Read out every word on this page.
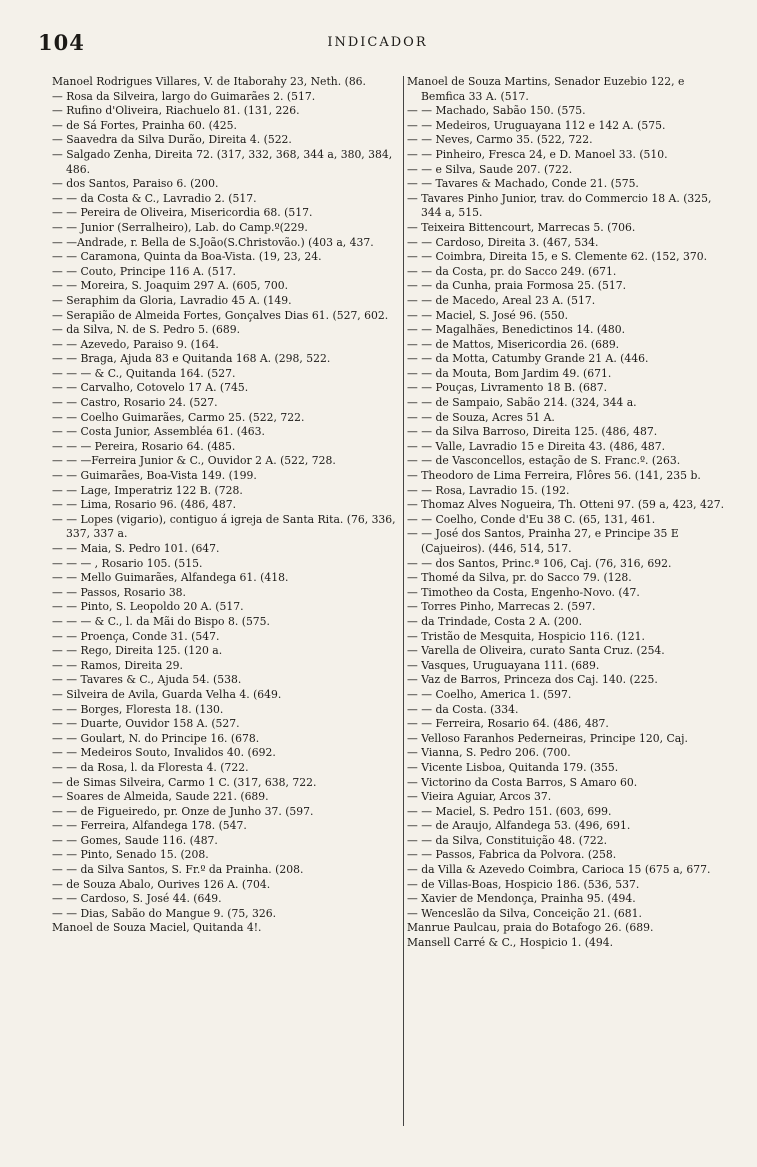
104	INDICADOR
Manoel Rodrigues Villares, V. de Itaborahy 23, Neth. (86.
— Rosa da Silveira, largo do Guimarães 2. (517.
— Rufino d'Oliveira, Riachuelo 81. (131, 226.
— de Sá Fortes, Prainha 60. (425.
— Saavedra da Silva Durão, Direita 4. (522.
— Salgado Zenha, Direita 72. (317, 332, 368, 344 a, 380, 384, 486.
— dos Santos, Paraiso 6. (200.
— — da Costa & C., Lavradio 2. (517.
— — Pereira de Oliveira, Misericordia 68. (517.
— — Junior (Serralheiro), Lab. do Camp.º(229.
— —Andrade, r. Bella de S.João(S.Christovão.) (403 a, 437.
— — Caramona, Quinta da Boa-Vista. (19, 23, 24.
— — Couto, Principe 116 A. (517.
— — Moreira, S. Joaquim 297 A. (605, 700.
— Seraphim da Gloria, Lavradio 45 A. (149.
— Serapião de Almeida Fortes, Gonçalves Dias 61. (527, 602.
— da Silva, N. de S. Pedro 5. (689.
— — Azevedo, Paraiso 9. (164.
— — Braga, Ajuda 83 e Quitanda 168 A. (298, 522.
— — — & C., Quitanda 164. (527.
— — Carvalho, Cotovelo 17 A. (745.
— — Castro, Rosario 24. (527.
— — Coelho Guimarães, Carmo 25. (522, 722.
— — Costa Junior, Assembléa 61. (463.
— — — Pereira, Rosario 64. (485.
— — —Ferreira Junior & C., Ouvidor 2 A. (522, 728.
— — Guimarães, Boa-Vista 149. (199.
— — Lage, Imperatriz 122 B. (728.
— — Lima, Rosario 96. (486, 487.
— — Lopes (vigario), contiguo á igreja de Santa Rita. (76, 336, 337, 337 a.
— — Maia, S. Pedro 101. (647.
— — — , Rosario 105. (515.
— — Mello Guimarães, Alfandega 61. (418.
— — Passos, Rosario 38.
— — Pinto, S. Leopoldo 20 A. (517.
— — — & C., l. da Mãi do Bispo 8. (575.
— — Proença, Conde 31. (547.
— — Rego, Direita 125. (120 a.
— — Ramos, Direita 29.
— — Tavares & C., Ajuda 54. (538.
— Silveira de Avila, Guarda Velha 4. (649.
— — Borges, Floresta 18. (130.
— — Duarte, Ouvidor 158 A. (527.
— — Goulart, N. do Principe 16. (678.
— — Medeiros Souto, Invalidos 40. (692.
— — da Rosa, l. da Floresta 4. (722.
— de Simas Silveira, Carmo 1 C. (317, 638, 722.
— Soares de Almeida, Saude 221. (689.
— — de Figueiredo, pr. Onze de Junho 37. (597.
— — Ferreira, Alfandega 178. (547.
— — Gomes, Saude 116. (487.
— — Pinto, Senado 15. (208.
— — da Silva Santos, S. Fr.º da Prainha. (208.
— de Souza Abalo, Ourives 126 A. (704.
— — Cardoso, S. José 44. (649.
— — Dias, Sabão do Mangue 9. (75, 326.
Manoel de Souza Maciel, Quitanda 4!.
Manoel de Souza Martins, Senador Euzebio 122, e Bemfica 33 A. (517.
— — Machado, Sabão 150. (575.
— — Medeiros, Uruguayana 112 e 142 A. (575.
— — Neves, Carmo 35. (522, 722.
— — Pinheiro, Fresca 24, e D. Manoel 33. (510.
— — e Silva, Saude 207. (722.
— — Tavares & Machado, Conde 21. (575.
— Tavares Pinho Junior, trav. do Commercio 18 A. (325, 344 a, 515.
— Teixeira Bittencourt, Marrecas 5. (706.
— — Cardoso, Direita 3. (467, 534.
— — Coimbra, Direita 15, e S. Clemente 62. (152, 370.
— — da Costa, pr. do Sacco 249. (671.
— — da Cunha, praia Formosa 25. (517.
— — de Macedo, Areal 23 A. (517.
— — Maciel, S. José 96. (550.
— — Magalhães, Benedictinos 14. (480.
— — de Mattos, Misericordia 26. (689.
— — da Motta, Catumby Grande 21 A. (446.
— — da Mouta, Bom Jardim 49. (671.
— — Pouças, Livramento 18 B. (687.
— — de Sampaio, Sabão 214. (324, 344 a.
— — de Souza, Acres 51 A.
— — da Silva Barroso, Direita 125. (486, 487.
— — Valle, Lavradio 15 e Direita 43. (486, 487.
— — de Vasconcellos, estação de S. Franc.º. (263.
— Theodoro de Lima Ferreira, Flôres 56. (141, 235 b.
— — Rosa, Lavradio 15. (192.
— Thomaz Alves Nogueira, Th. Otteni 97. (59 a, 423, 427.
— — Coelho, Conde d'Eu 38 C. (65, 131, 461.
— — José dos Santos, Prainha 27, e Principe 35 E (Cajueiros). (446, 514, 517.
— — dos Santos, Princ.ª 106, Caj. (76, 316, 692.
— Thomé da Silva, pr. do Sacco 79. (128.
— Timotheo da Costa, Engenho-Novo. (47.
— Torres Pinho, Marrecas 2. (597.
— da Trindade, Costa 2 A. (200.
— Tristão de Mesquita, Hospicio 116. (121.
— Varella de Oliveira, curato Santa Cruz. (254.
— Vasques, Uruguayana 111. (689.
— Vaz de Barros, Princeza dos Caj. 140. (225.
— — Coelho, America 1. (597.
— — da Costa. (334.
— — Ferreira, Rosario 64. (486, 487.
— Velloso Faranhos Pederneiras, Principe 120, Caj.
— Vianna, S. Pedro 206. (700.
— Vicente Lisboa, Quitanda 179. (355.
— Victorino da Costa Barros, S Amaro 60.
— Vieira Aguiar, Arcos 37.
— — Maciel, S. Pedro 151. (603, 699.
— — de Araujo, Alfandega 53. (496, 691.
— — da Silva, Constituição 48. (722.
— — Passos, Fabrica da Polvora. (258.
— da Villa & Azevedo Coimbra, Carioca 15 (675 a, 677.
— de Villas-Boas, Hospicio 186. (536, 537.
— Xavier de Mendonça, Prainha 95. (494.
— Wenceslão da Silva, Conceição 21. (681.
Manrue Paulcau, praia do Botafogo 26. (689.
Mansell Carré & C., Hospicio 1. (494.
